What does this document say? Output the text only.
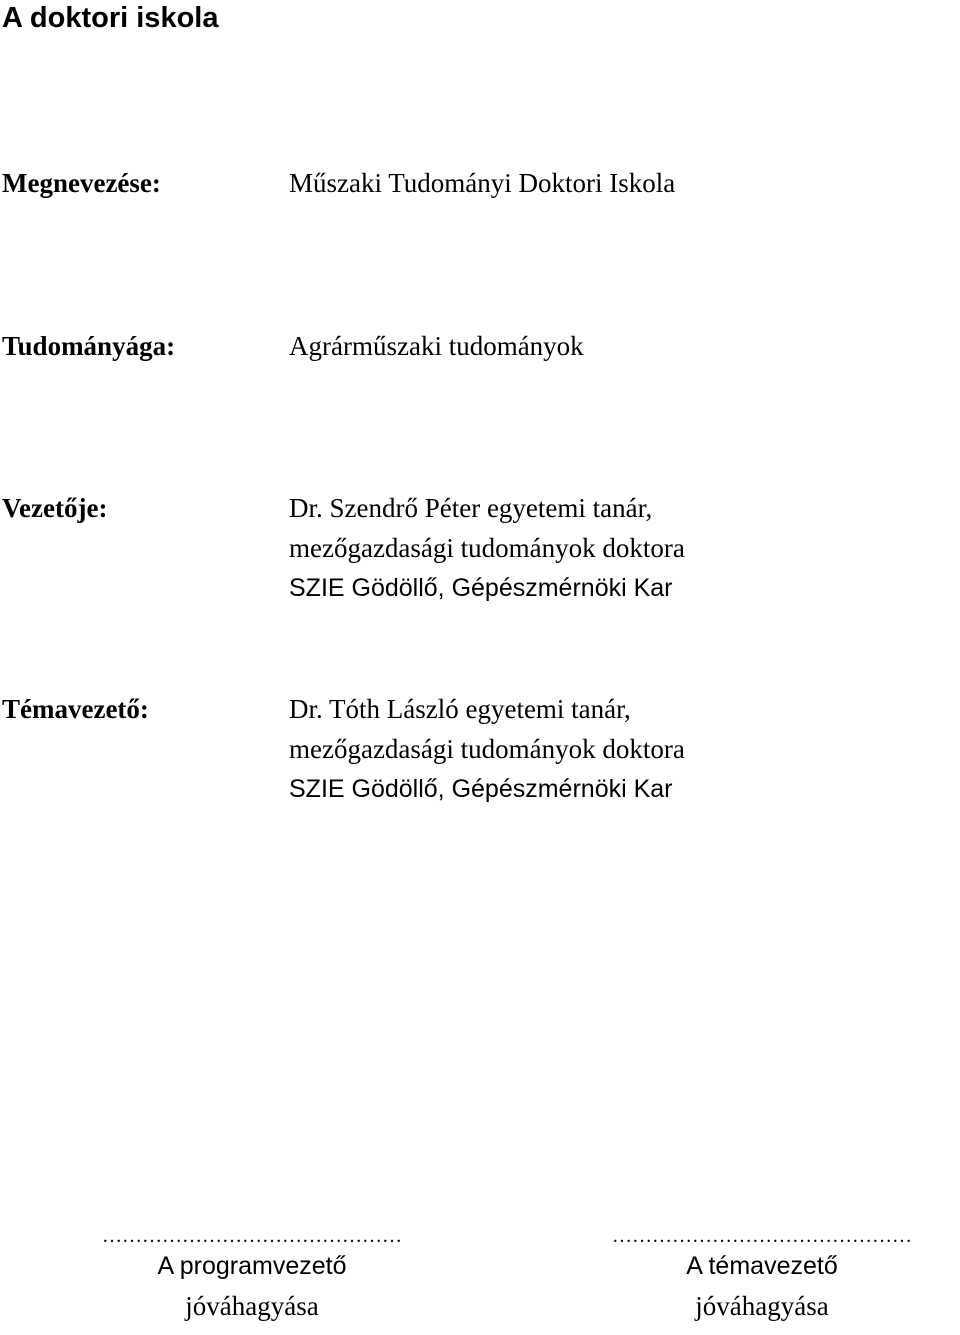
A doktori iskola
Megnevezése:	Műszaki Tudományi Doktori Iskola
Tudományága:	Agrárműszaki tudományok
Vezetője:	Dr. Szendrő Péter egyetemi tanár,
mezőgazdasági tudományok doktora
SZIE Gödöllő, Gépészmérnöki Kar
Témavezető:	Dr. Tóth László egyetemi tanár,
mezőgazdasági tudományok doktora
SZIE Gödöllő, Gépészmérnöki Kar
………………………………………
A programvezető
jóváhagyása
………………………………………
A témavezető
jóváhagyása
